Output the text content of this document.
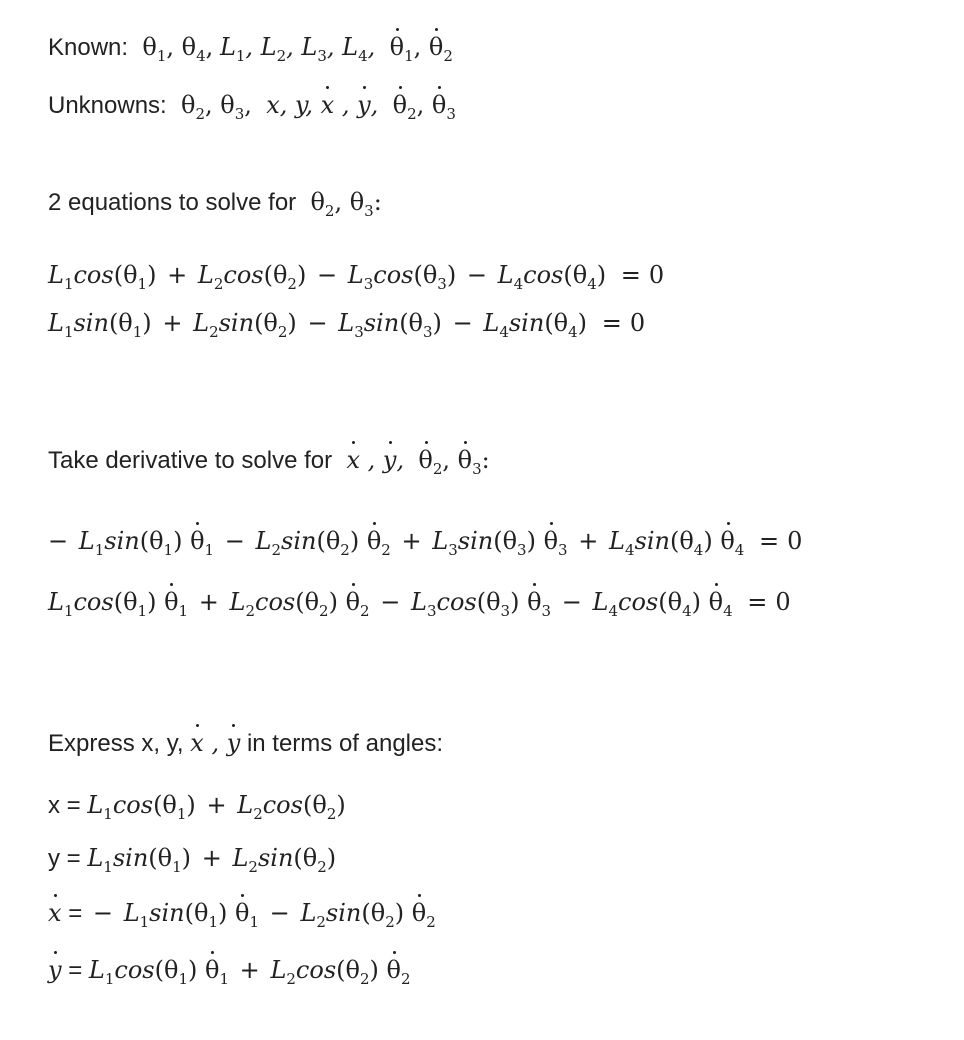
Known:  $\theta_1$, $\theta_4$, $L_1$, $L_2$, $L_3$, $L_4$, $\theta_1$, $\theta_2$
Unknowns:  $\theta_2$, $\theta_3$,  x, y, x , y, $\theta_2$, $\theta_3$
2 equations to solve for  $\theta_2$, $\theta_3$:
$L_1\cos(\theta_1) + L_2\cos(\theta_2) - L_3\cos(\theta_3) - L_4\cos(\theta_4) = 0$
$L_1\sin(\theta_1) + L_2\sin(\theta_2) - L_3\sin(\theta_3) - L_4\sin(\theta_4) = 0$
Take derivative to solve for x , y, $\theta_2$, $\theta_3$:
− $L_1\sin(\theta_1) \theta_1 - L_2\sin(\theta_2) \theta_2 + L_3\sin(\theta_3) \theta_3 + L_4\sin(\theta_4) \theta_4 = 0$
$L_1\cos(\theta_1) \theta_1 + L_2\cos(\theta_2) \theta_2 - L_3\cos(\theta_3) \theta_3 - L_4\cos(\theta_4) \theta_4 = 0$
Express x, y, x , y in terms of angles:
$x = L_1\cos(\theta_1) + L_2\cos(\theta_2)$
$y = L_1\sin(\theta_1) + L_2\sin(\theta_2)$
x = − $L_1\sin(\theta_1) \theta_1 - L_2\sin(\theta_2)$ $\theta_2$
$y = L_1\cos(\theta_1) \theta_1 + L_2\cos(\theta_2)$ $\theta_2$
